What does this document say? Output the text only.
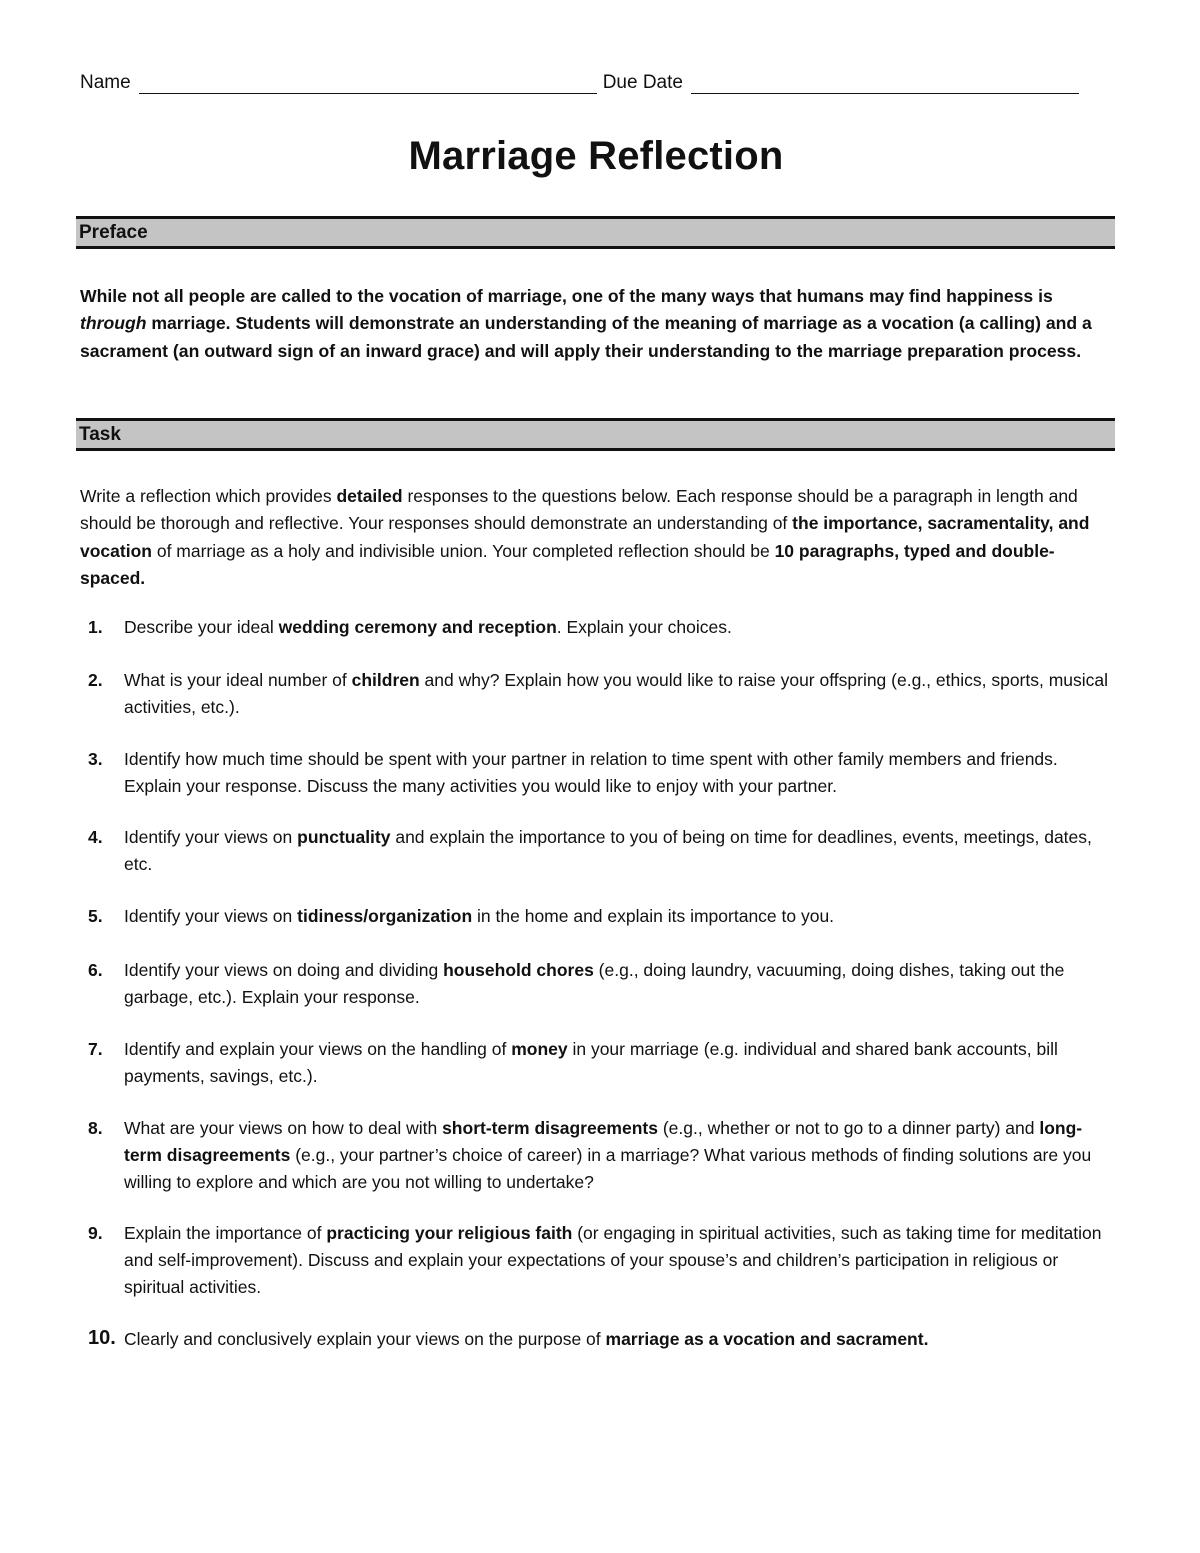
Name	Due Date
Marriage Reflection
Preface
While not all people are called to the vocation of marriage, one of the many ways that humans may find happiness is through marriage. Students will demonstrate an understanding of the meaning of marriage as a vocation (a calling) and a sacrament (an outward sign of an inward grace) and will apply their understanding to the marriage preparation process.
Task
Write a reflection which provides detailed responses to the questions below. Each response should be a paragraph in length and should be thorough and reflective. Your responses should demonstrate an understanding of the importance, sacramentality, and vocation of marriage as a holy and indivisible union. Your completed reflection should be 10 paragraphs, typed and double-spaced.
1. Describe your ideal wedding ceremony and reception. Explain your choices.
2. What is your ideal number of children and why? Explain how you would like to raise your offspring (e.g., ethics, sports, musical activities, etc.).
3. Identify how much time should be spent with your partner in relation to time spent with other family members and friends. Explain your response. Discuss the many activities you would like to enjoy with your partner.
4. Identify your views on punctuality and explain the importance to you of being on time for deadlines, events, meetings, dates, etc.
5. Identify your views on tidiness/organization in the home and explain its importance to you.
6. Identify your views on doing and dividing household chores (e.g., doing laundry, vacuuming, doing dishes, taking out the garbage, etc.). Explain your response.
7. Identify and explain your views on the handling of money in your marriage (e.g. individual and shared bank accounts, bill payments, savings, etc.).
8. What are your views on how to deal with short-term disagreements (e.g., whether or not to go to a dinner party) and long-term disagreements (e.g., your partner’s choice of career) in a marriage? What various methods of finding solutions are you willing to explore and which are you not willing to undertake?
9. Explain the importance of practicing your religious faith (or engaging in spiritual activities, such as taking time for meditation and self-improvement). Discuss and explain your expectations of your spouse’s and children’s participation in religious or spiritual activities.
10. Clearly and conclusively explain your views on the purpose of marriage as a vocation and sacrament.
